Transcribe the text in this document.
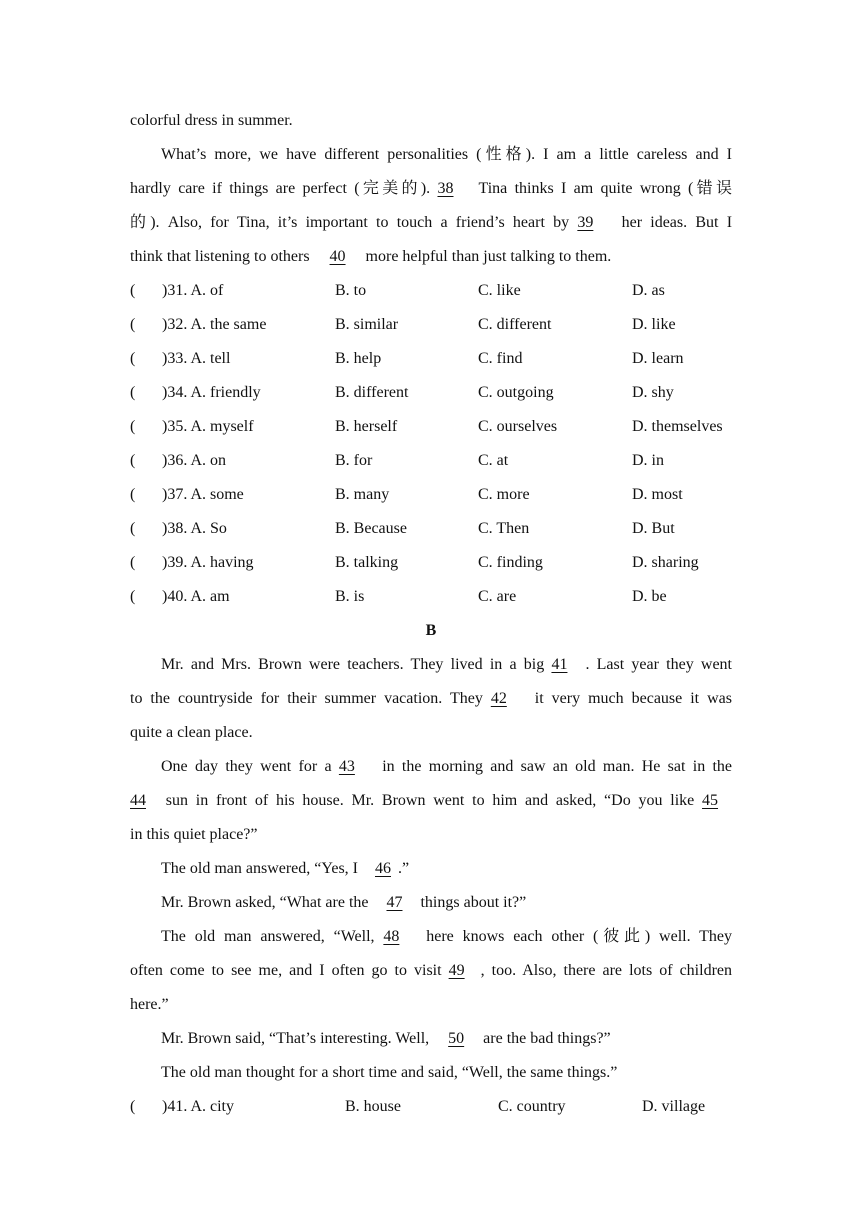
colorful dress in summer.
What’s more, we have different personalities (性格). I am a little careless and I
hardly care if things are perfect (完美的). 38 Tina thinks I am quite wrong (错误
的). Also, for Tina, it’s important to touch a friend’s heart by 39 her ideas. But I
think that listening to others 40 more helpful than just talking to them.
( )31. A. of	B. to	C. like	D. as
( )32. A. the same	B. similar	C. different	D. like
( )33. A. tell	B. help	C. find	D. learn
( )34. A. friendly	B. different	C. outgoing	D. shy
( )35. A. myself	B. herself	C. ourselves	D. themselves
( )36. A. on	B. for	C. at	D. in
( )37. A. some	B. many	C. more	D. most
( )38. A. So	B. Because	C. Then	D. But
( )39. A. having	B. talking	C. finding	D. sharing
( )40. A. am	B. is	C. are	D. be
B
Mr. and Mrs. Brown were teachers. They lived in a big 41 . Last year they went
to the countryside for their summer vacation. They 42 it very much because it was
quite a clean place.
One day they went for a 43 in the morning and saw an old man. He sat in the
44 sun in front of his house. Mr. Brown went to him and asked, “Do you like 45
in this quiet place?”
The old man answered, “Yes, I 46 .”
Mr. Brown asked, “What are the 47 things about it?”
The old man answered, “Well, 48 here knows each other (彼此) well. They
often come to see me, and I often go to visit 49 , too. Also, there are lots of children
here.”
Mr. Brown said, “That’s interesting. Well, 50 are the bad things?”
The old man thought for a short time and said, “Well, the same things.”
( )41. A. city	B. house	C. country	D. village
